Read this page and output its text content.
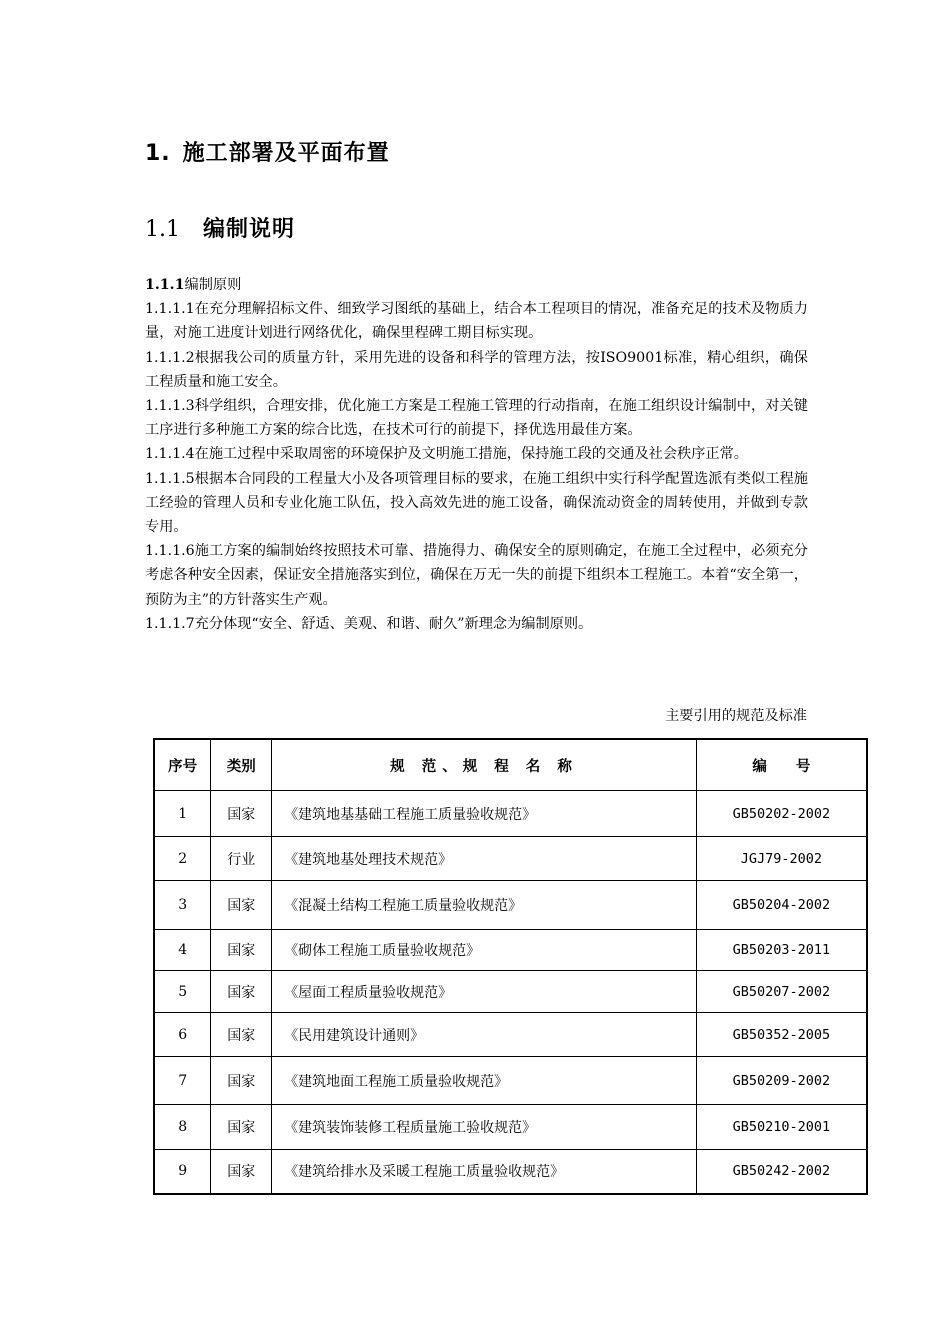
1. 施工部署及平面布置
1.1 编制说明

1.1.1编制原则

1.1.1.1在充分理解招标文件、细致学习图纸的基础上，结合本工程项目的情况，准备充足的技术及物质力量，对施工进度计划进行网络优化，确保里程碑工期目标实现。

1.1.1.2根据我公司的质量方针，采用先进的设备和科学的管理方法，按ISO9001标准，精心组织，确保工程质量和施工安全。

1.1.1.3科学组织，合理安排，优化施工方案是工程施工管理的行动指南，在施工组织设计编制中，对关键工序进行多种施工方案的综合比选，在技术可行的前提下，择优选用最佳方案。

1.1.1.4在施工过程中采取周密的环境保护及文明施工措施，保持施工段的交通及社会秩序正常。

1.1.1.5根据本合同段的工程量大小及各项管理目标的要求，在施工组织中实行科学配置选派有类似工程施工经验的管理人员和专业化施工队伍，投入高效先进的施工设备，确保流动资金的周转使用，并做到专款专用。

1.1.1.6施工方案的编制始终按照技术可靠、措施得力、确保安全的原则确定，在施工全过程中，必须充分考虑各种安全因素，保证安全措施落实到位，确保在万无一失的前提下组织本工程施工。本着“安全第一，预防为主”的方针落实生产观。

1.1.1.7充分体现“安全、舒适、美观、和谐、耐久”新理念为编制原则。

主要引用的规范及标准
序号	类别	规 范、规 程 名 称	编　　号
1	国家	《建筑地基基础工程施工质量验收规范》	GB50202-2002
2	行业	《建筑地基处理技术规范》	JGJ79-2002
3	国家	《混凝土结构工程施工质量验收规范》	GB50204-2002
4	国家	《砌体工程施工质量验收规范》	GB50203-2011
5	国家	《屋面工程质量验收规范》	GB50207-2002
6	国家	《民用建筑设计通则》	GB50352-2005
7	国家	《建筑地面工程施工质量验收规范》	GB50209-2002
8	国家	《建筑装饰装修工程质量施工验收规范》	GB50210-2001
9	国家	《建筑给排水及采暖工程施工质量验收规范》	GB50242-2002
